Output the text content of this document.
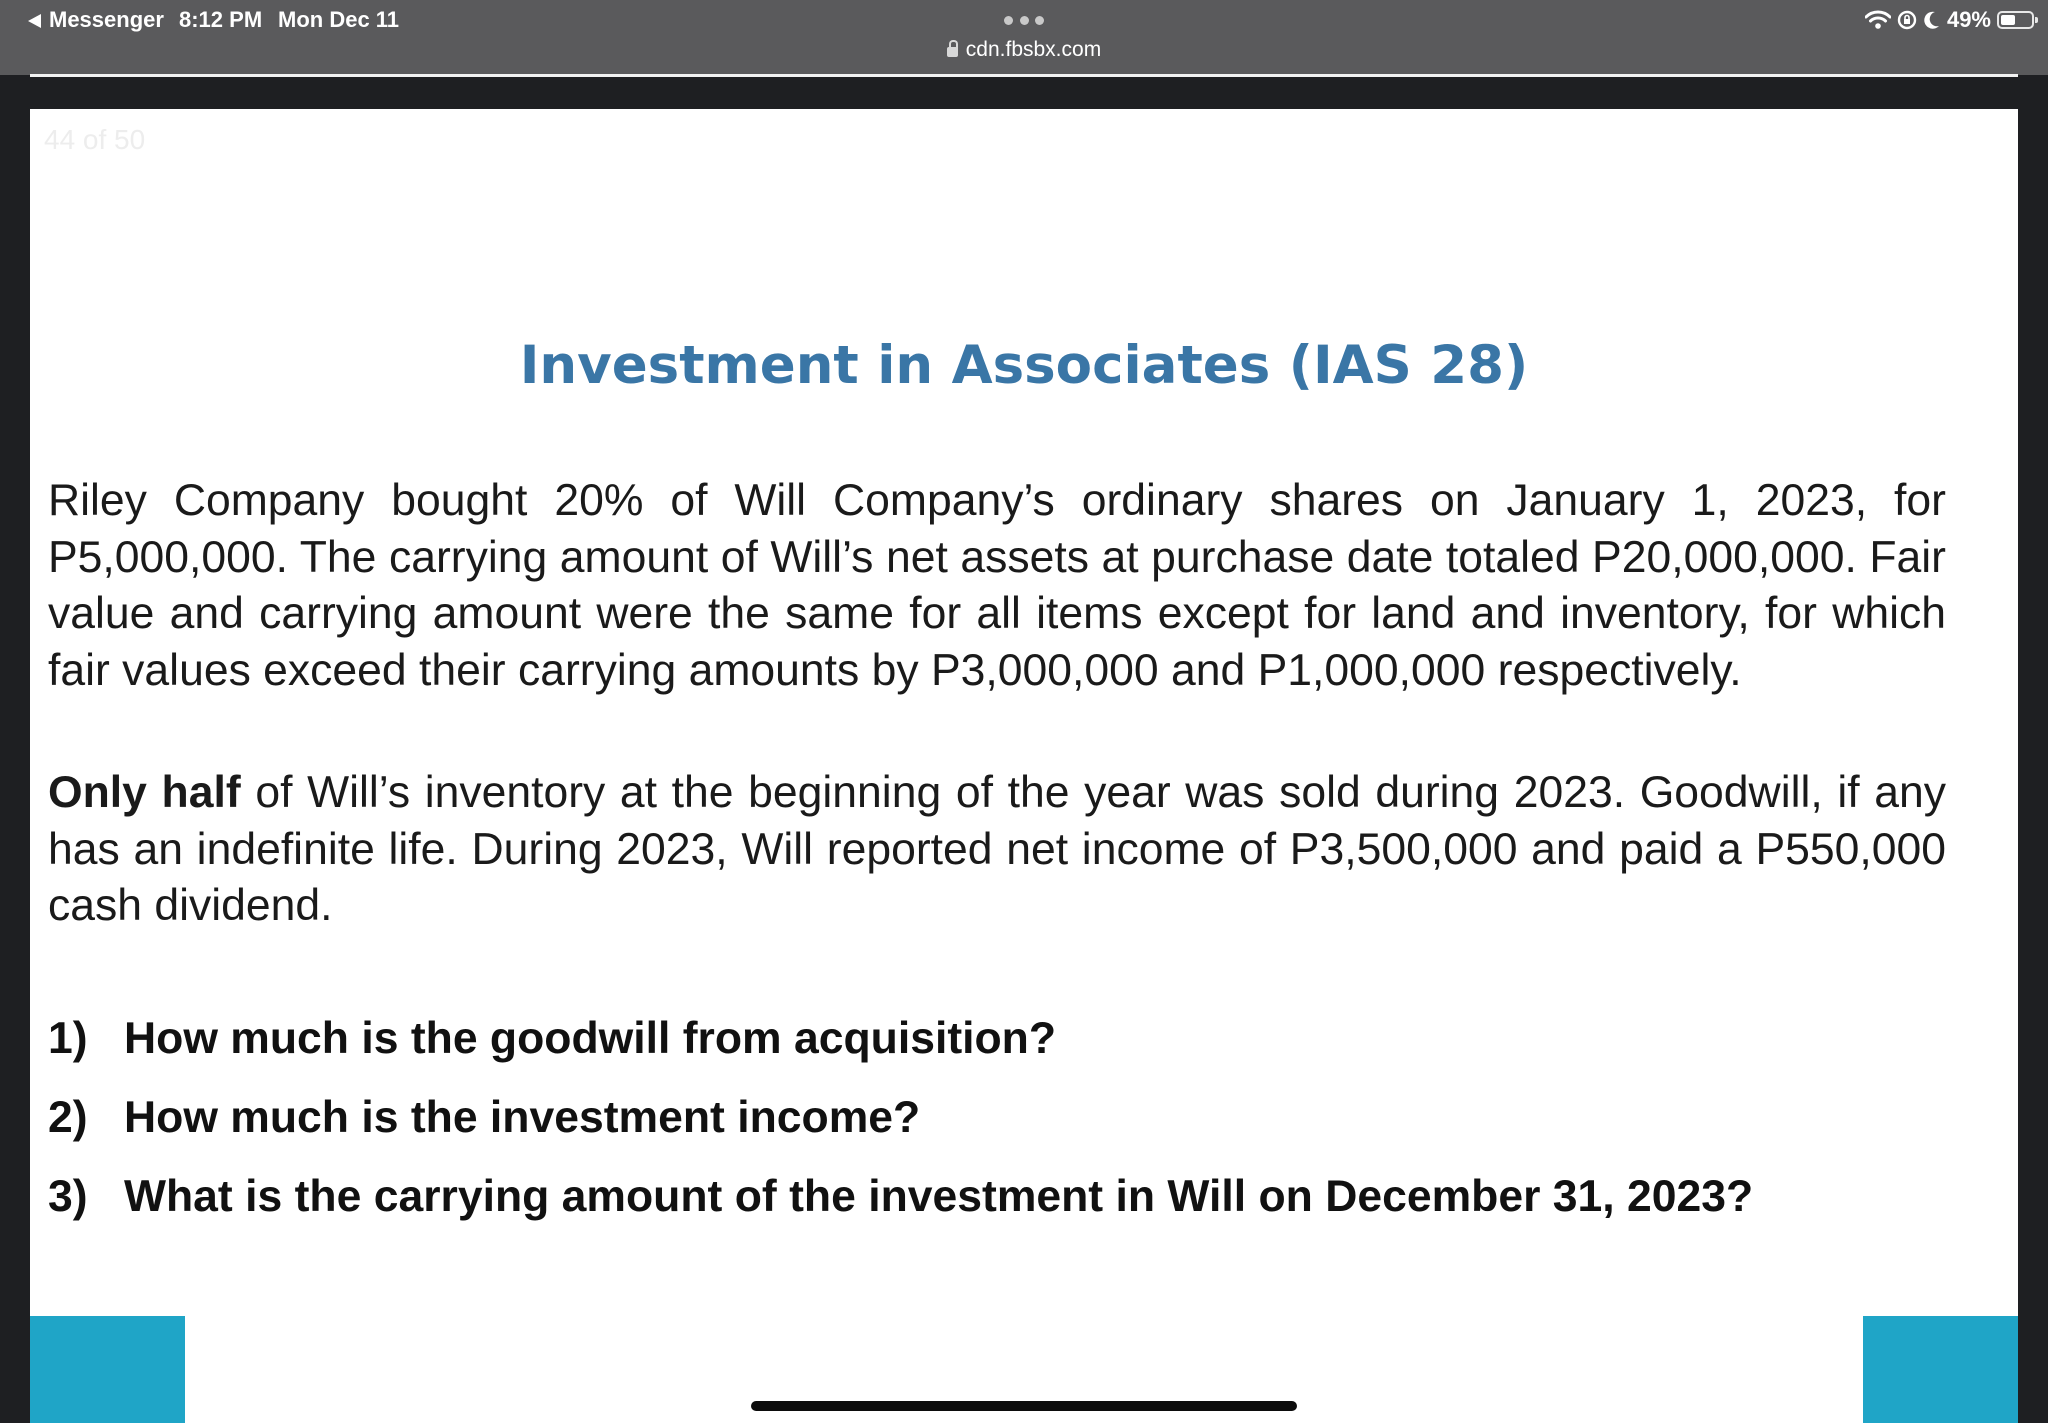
Messenger 8:12 PM Mon Dec 11
cdn.fbsbx.com
49%
44 of 50
Investment in Associates (IAS 28)

Riley Company bought 20% of Will Company’s ordinary shares on January 1, 2023, for P5,000,000. The carrying amount of Will’s net assets at purchase date totaled P20,000,000. Fair value and carrying amount were the same for all items except for land and inventory, for which fair values exceed their carrying amounts by P3,000,000 and P1,000,000 respectively.

Only half of Will’s inventory at the beginning of the year was sold during 2023. Goodwill, if any has an indefinite life. During 2023, Will reported net income of P3,500,000 and paid a P550,000 cash dividend.

1) How much is the goodwill from acquisition?
2) How much is the investment income?
3) What is the carrying amount of the investment in Will on December 31, 2023?
